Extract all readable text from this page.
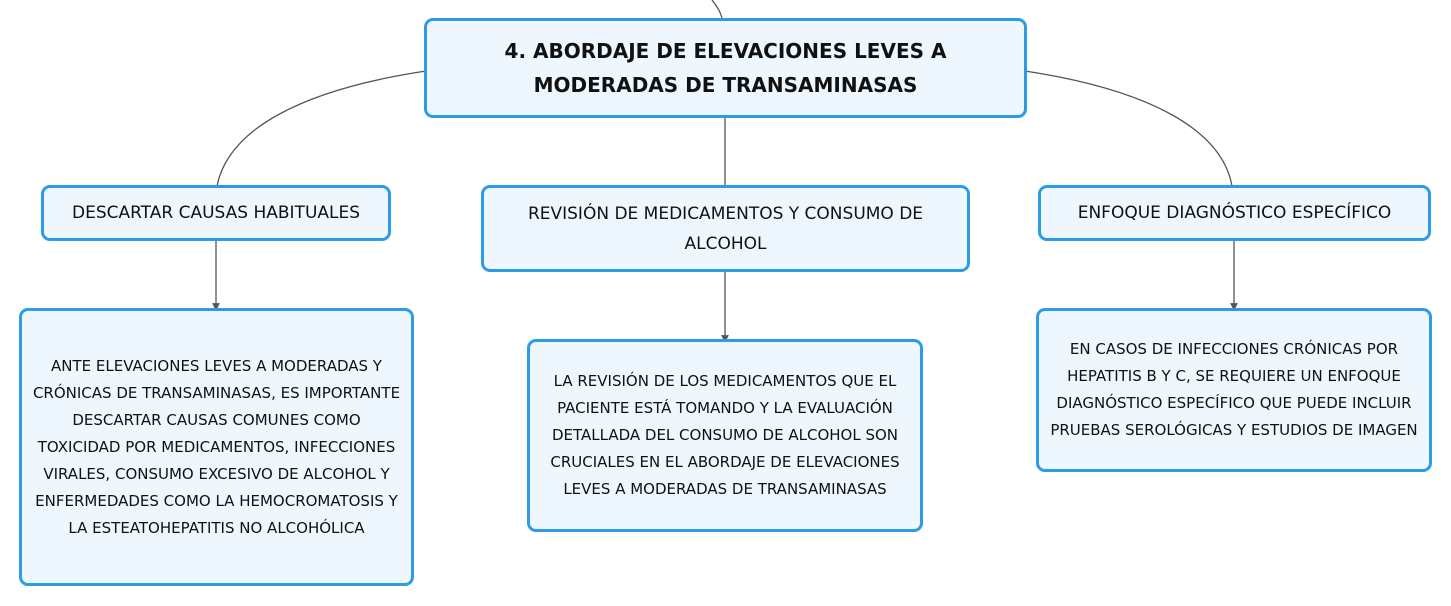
4. ABORDAJE DE ELEVACIONES LEVES A MODERADAS DE TRANSAMINASAS
DESCARTAR CAUSAS HABITUALES	REVISIÓN DE MEDICAMENTOS Y CONSUMO DE ALCOHOL
ENFOQUE DIAGNÓSTICO ESPECÍFICO
ANTE ELEVACIONES LEVES A MODERADAS Y CRÓNICAS DE TRANSAMINASAS, ES IMPORTANTE DESCARTAR CAUSAS COMUNES COMO TOXICIDAD POR MEDICAMENTOS, INFECCIONES VIRALES, CONSUMO EXCESIVO DE ALCOHOL Y ENFERMEDADES COMO LA HEMOCROMATOSIS Y LA ESTEATOHEPATITIS NO ALCOHÓLICA
LA REVISIÓN DE LOS MEDICAMENTOS QUE EL PACIENTE ESTÁ TOMANDO Y LA EVALUACIÓN DETALLADA DEL CONSUMO DE ALCOHOL SON CRUCIALES EN EL ABORDAJE DE ELEVACIONES LEVES A MODERADAS DE TRANSAMINASAS
EN CASOS DE INFECCIONES CRÓNICAS POR HEPATITIS B Y C, SE REQUIERE UN ENFOQUE DIAGNÓSTICO ESPECÍFICO QUE PUEDE INCLUIR PRUEBAS SEROLÓGICAS Y ESTUDIOS DE IMAGEN
